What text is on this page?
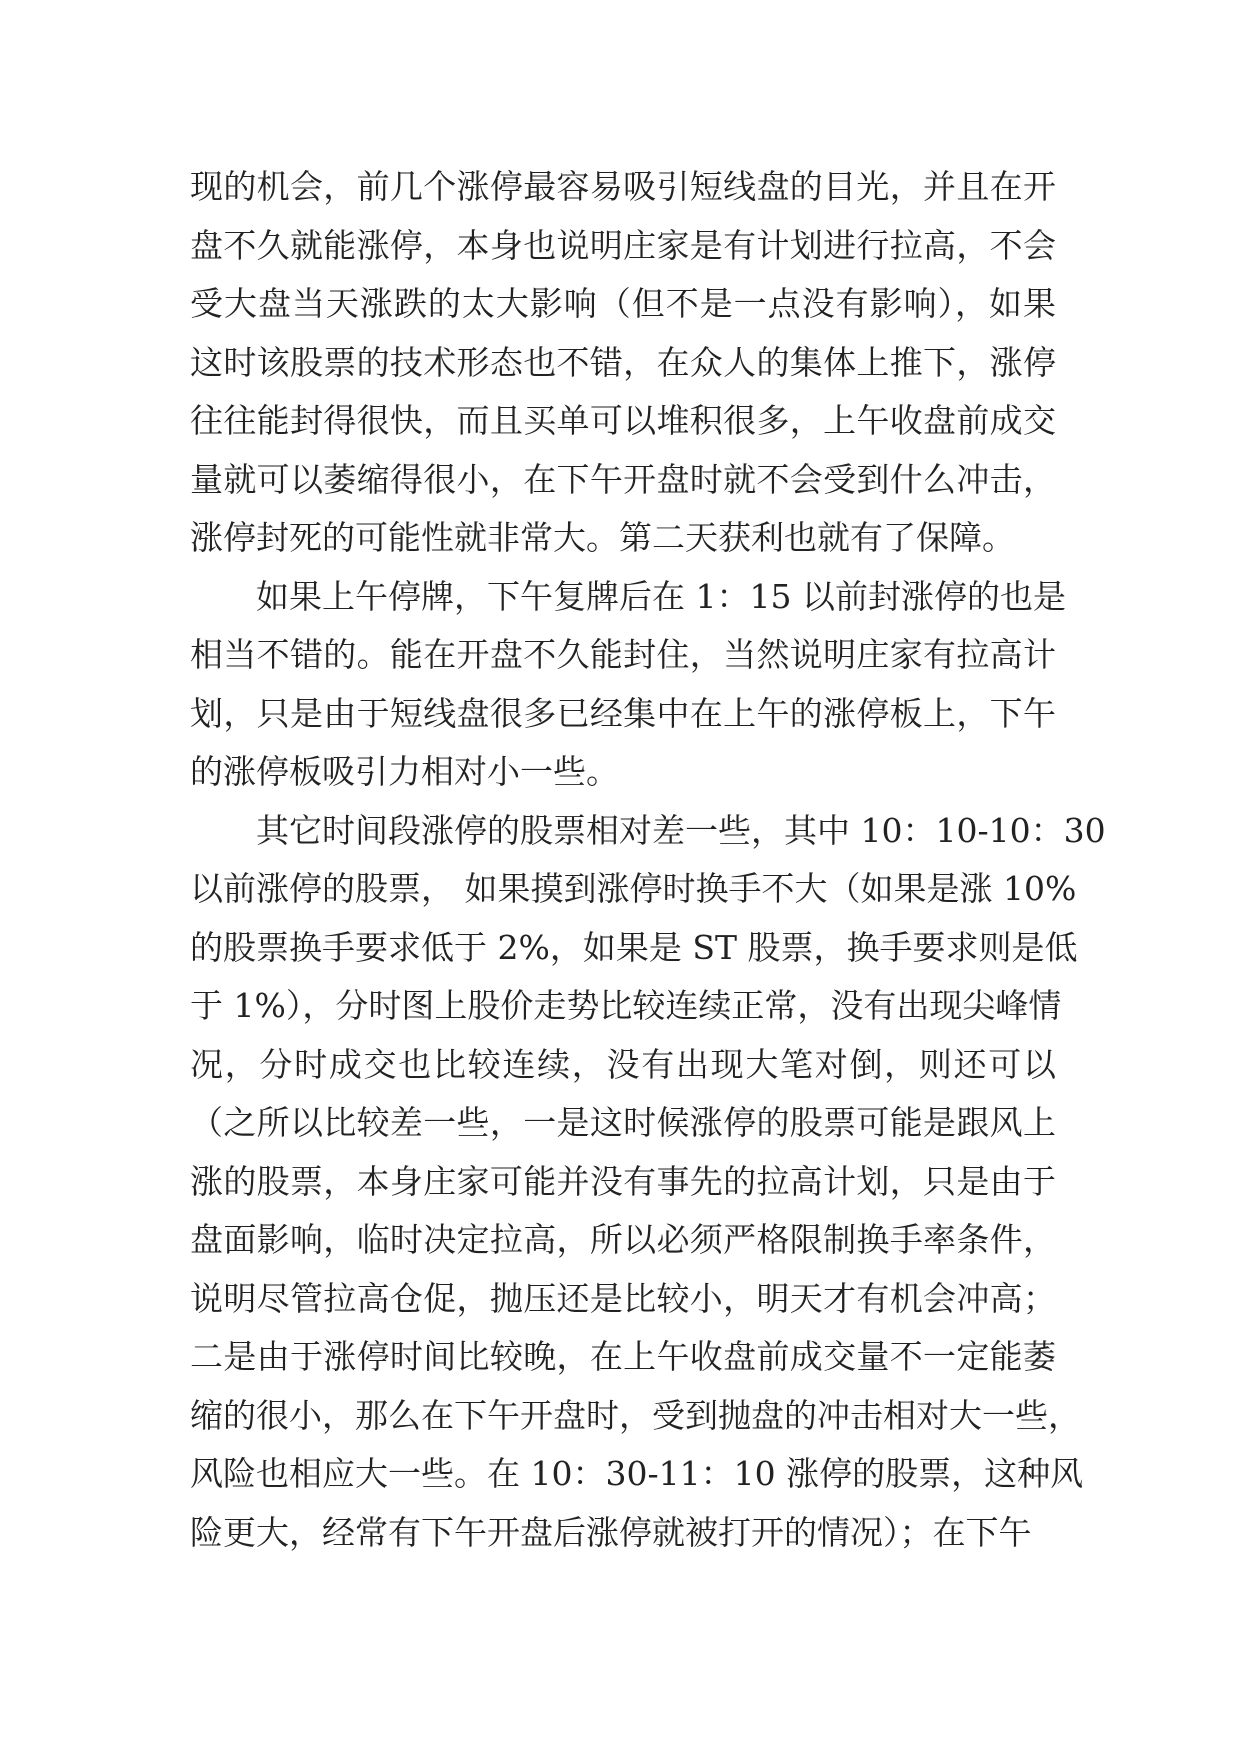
现的机会，前几个涨停最容易吸引短线盘的目光，并且在开
盘不久就能涨停，本身也说明庄家是有计划进行拉高，不会
受大盘当天涨跌的太大影响（但不是一点没有影响），如果
这时该股票的技术形态也不错，在众人的集体上推下，涨停
往往能封得很快，而且买单可以堆积很多，上午收盘前成交
量就可以萎缩得很小，在下午开盘时就不会受到什么冲击，
涨停封死的可能性就非常大。第二天获利也就有了保障。
如果上午停牌，下午复牌后在 1：15 以前封涨停的也是
相当不错的。能在开盘不久能封住，当然说明庄家有拉高计
划，只是由于短线盘很多已经集中在上午的涨停板上，下午
的涨停板吸引力相对小一些。
其它时间段涨停的股票相对差一些，其中 10：10-10：30
以前涨停的股票， 如果摸到涨停时换手不大（如果是涨 10%
的股票换手要求低于 2%，如果是 ST 股票，换手要求则是低
于 1%），分时图上股价走势比较连续正常，没有出现尖峰情
况，分时成交也比较连续，没有出现大笔对倒，则还可以
（之所以比较差一些，一是这时候涨停的股票可能是跟风上
涨的股票，本身庄家可能并没有事先的拉高计划，只是由于
盘面影响，临时决定拉高，所以必须严格限制换手率条件，
说明尽管拉高仓促，抛压还是比较小，明天才有机会冲高；
二是由于涨停时间比较晚，在上午收盘前成交量不一定能萎
缩的很小，那么在下午开盘时，受到抛盘的冲击相对大一些，
风险也相应大一些。在 10：30-11：10 涨停的股票，这种风
险更大，经常有下午开盘后涨停就被打开的情况）；在下午
